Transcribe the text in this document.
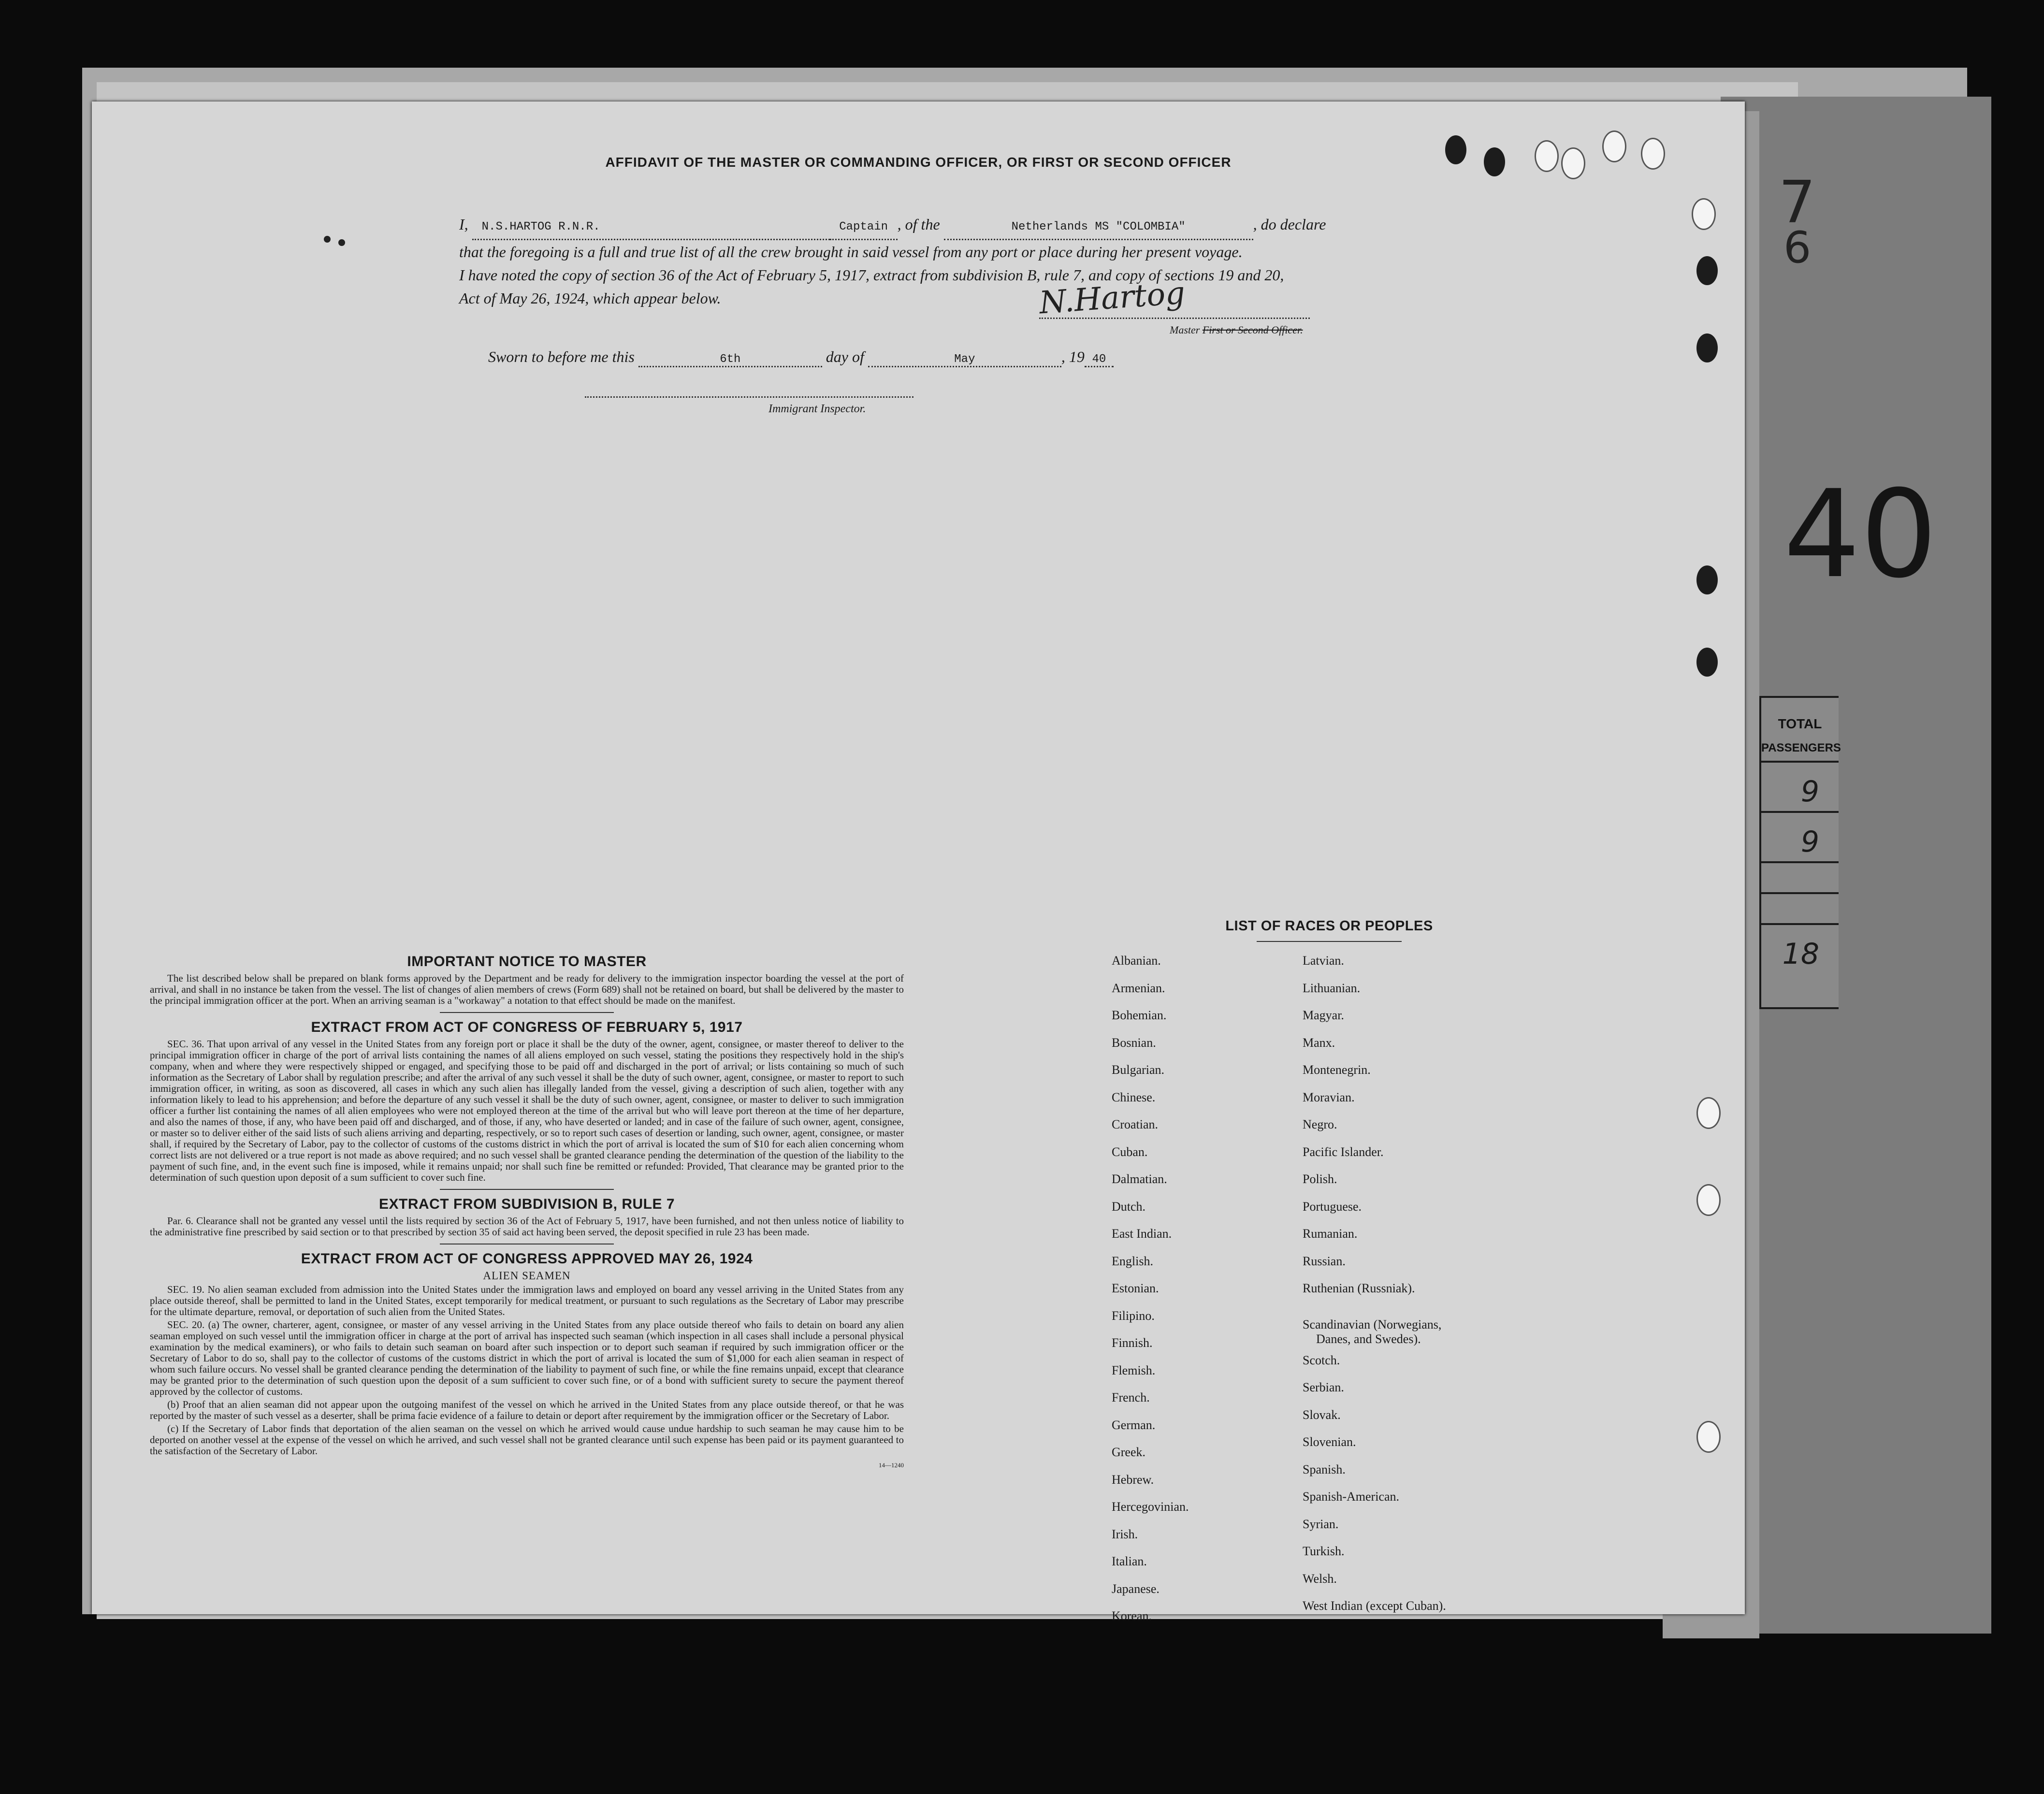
7
6
40
TOTAL
PASSENGERS
9
9
18
AFFIDAVIT OF THE MASTER OR COMMANDING OFFICER, OR FIRST OR SECOND OFFICER
I, N.S.HARTOG R.N.R.	Captain , of the	Netherlands MS "COLOMBIA"	, do declare
that the foregoing is a full and true list of all the crew brought in said vessel from any port or place during her present voyage.
I have noted the copy of section 36 of the Act of February 5, 1917, extract from subdivision B, rule 7, and copy of sections 19 and 20,
Act of May 26, 1924, which appear below.	N.Hartog
Master First or Second Officer.
Sworn to before me this	6th	day of	May	, 19 40
Immigrant Inspector.
IMPORTANT NOTICE TO MASTER

The list described below shall be prepared on blank forms approved by the Department and be ready for delivery to the immigration inspector boarding the vessel at the port of arrival, and shall in no instance be taken from the vessel. The list of changes of alien members of crews (Form 689) shall not be retained on board, but shall be delivered by the master to the principal immigration officer at the port. When an arriving seaman is a "workaway" a notation to that effect should be made on the manifest.

EXTRACT FROM ACT OF CONGRESS OF FEBRUARY 5, 1917

SEC. 36. That upon arrival of any vessel in the United States from any foreign port or place it shall be the duty of the owner, agent, consignee, or master thereof to deliver to the principal immigration officer in charge of the port of arrival lists containing the names of all aliens employed on such vessel, stating the positions they respectively hold in the ship's company, when and where they were respectively shipped or engaged, and specifying those to be paid off and discharged in the port of arrival; or lists containing so much of such information as the Secretary of Labor shall by regulation prescribe; and after the arrival of any such vessel it shall be the duty of such owner, agent, consignee, or master to report to such immigration officer, in writing, as soon as discovered, all cases in which any such alien has illegally landed from the vessel, giving a description of such alien, together with any information likely to lead to his apprehension; and before the departure of any such vessel it shall be the duty of such owner, agent, consignee, or master to deliver to such immigration officer a further list containing the names of all alien employees who were not employed thereon at the time of the arrival but who will leave port thereon at the time of her departure, and also the names of those, if any, who have been paid off and discharged, and of those, if any, who have deserted or landed; and in case of the failure of such owner, agent, consignee, or master so to deliver either of the said lists of such aliens arriving and departing, respectively, or so to report such cases of desertion or landing, such owner, agent, consignee, or master shall, if required by the Secretary of Labor, pay to the collector of customs of the customs district in which the port of arrival is located the sum of $10 for each alien concerning whom correct lists are not delivered or a true report is not made as above required; and no such vessel shall be granted clearance pending the determination of the question of the liability to the payment of such fine, and, in the event such fine is imposed, while it remains unpaid; nor shall such fine be remitted or refunded: Provided, That clearance may be granted prior to the determination of such question upon deposit of a sum sufficient to cover such fine.

EXTRACT FROM SUBDIVISION B, RULE 7

Par. 6. Clearance shall not be granted any vessel until the lists required by section 36 of the Act of February 5, 1917, have been furnished, and not then unless notice of liability to the administrative fine prescribed by said section or to that prescribed by section 35 of said act having been served, the deposit specified in rule 23 has been made.

EXTRACT FROM ACT OF CONGRESS APPROVED MAY 26, 1924
ALIEN SEAMEN

SEC. 19. No alien seaman excluded from admission into the United States under the immigration laws and employed on board any vessel arriving in the United States from any place outside thereof, shall be permitted to land in the United States, except temporarily for medical treatment, or pursuant to such regulations as the Secretary of Labor may prescribe for the ultimate departure, removal, or deportation of such alien from the United States.

SEC. 20. (a) The owner, charterer, agent, consignee, or master of any vessel arriving in the United States from any place outside thereof who fails to detain on board any alien seaman employed on such vessel until the immigration officer in charge at the port of arrival has inspected such seaman (which inspection in all cases shall include a personal physical examination by the medical examiners), or who fails to detain such seaman on board after such inspection or to deport such seaman if required by such immigration officer or the Secretary of Labor to do so, shall pay to the collector of customs of the customs district in which the port of arrival is located the sum of $1,000 for each alien seaman in respect of whom such failure occurs. No vessel shall be granted clearance pending the determination of the liability to payment of such fine, or while the fine remains unpaid, except that clearance may be granted prior to the determination of such question upon the deposit of a sum sufficient to cover such fine, or of a bond with sufficient surety to secure the payment thereof approved by the collector of customs.

(b) Proof that an alien seaman did not appear upon the outgoing manifest of the vessel on which he arrived in the United States from any place outside thereof, or that he was reported by the master of such vessel as a deserter, shall be prima facie evidence of a failure to detain or deport after requirement by the immigration officer or the Secretary of Labor.

(c) If the Secretary of Labor finds that deportation of the alien seaman on the vessel on which he arrived would cause undue hardship to such seaman he may cause him to be deported on another vessel at the expense of the vessel on which he arrived, and such vessel shall not be granted clearance until such expense has been paid or its payment guaranteed to the satisfaction of the Secretary of Labor.

14—1240
LIST OF RACES OR PEOPLES
Albanian.
Armenian.
Bohemian.
Bosnian.
Bulgarian.
Chinese.
Croatian.
Cuban.
Dalmatian.
Dutch.
East Indian.
English.
Estonian.
Filipino.
Finnish.
Flemish.
French.
German.
Greek.
Hebrew.
Hercegovinian.
Irish.
Italian.
Japanese.
Korean.
Latvian.
Lithuanian.
Magyar.
Manx.
Montenegrin.
Moravian.
Negro.
Pacific Islander.
Polish.
Portuguese.
Rumanian.
Russian.
Ruthenian (Russniak).
Scandinavian (Norwegians,
Danes, and Swedes).
Scotch.
Serbian.
Slovak.
Slovenian.
Spanish.
Spanish-American.
Syrian.
Turkish.
Welsh.
West Indian (except Cuban).
